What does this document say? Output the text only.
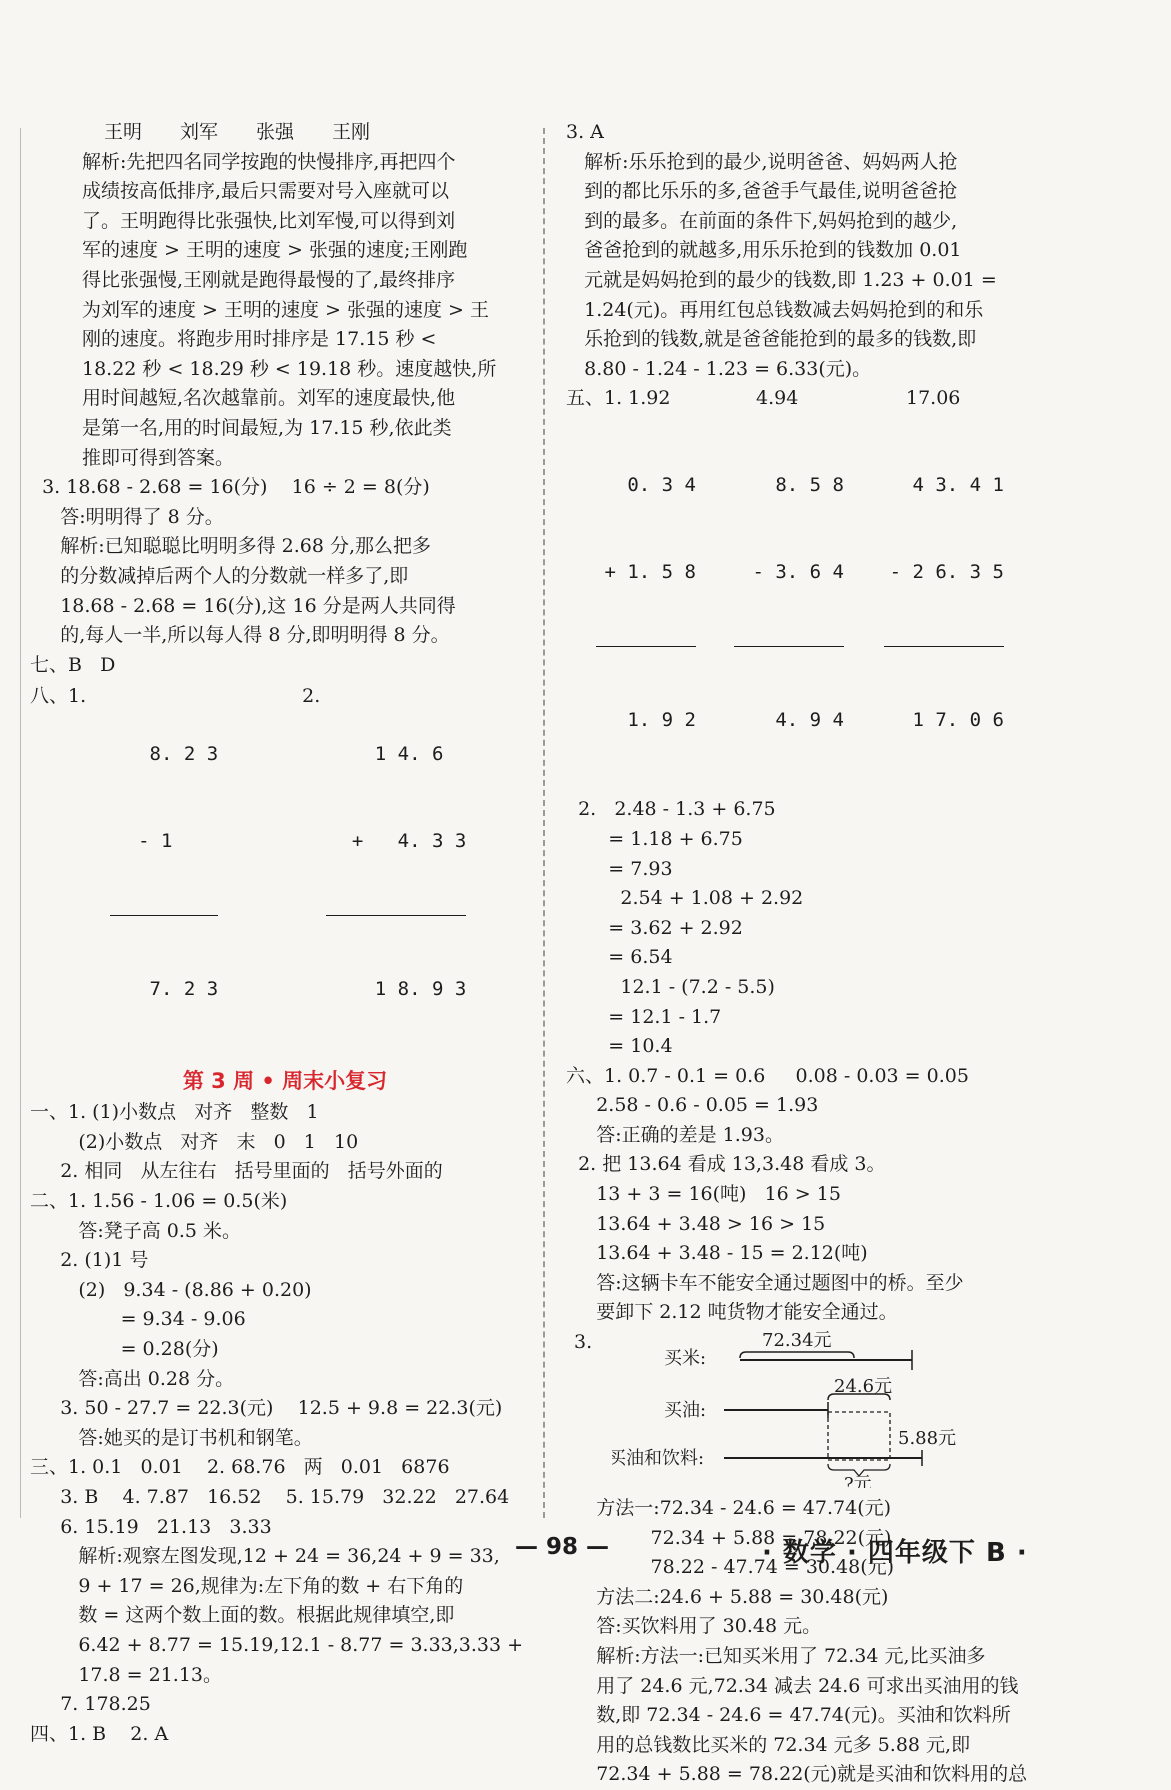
王明 刘军 张强 王刚
解析:先把四名同学按跑的快慢排序,再把四个
成绩按高低排序,最后只需要对号入座就可以
了。王明跑得比张强快,比刘军慢,可以得到刘
军的速度 > 王明的速度 > 张强的速度;王刚跑
得比张强慢,王刚就是跑得最慢的了,最终排序
为刘军的速度 > 王明的速度 > 张强的速度 > 王
刚的速度。将跑步用时排序是 17.15 秒 <
18.22 秒 < 18.29 秒 < 19.18 秒。速度越快,所
用时间越短,名次越靠前。刘军的速度最快,他
是第一名,用的时间最短,为 17.15 秒,依此类
推即可得到答案。
3. 18.68 - 2.68 = 16(分)    16 ÷ 2 = 8(分)
答:明明得了 8 分。
解析:已知聪聪比明明多得 2.68 分,那么把多
的分数减掉后两个人的分数就一样多了,即
18.68 - 2.68 = 16(分),这 16 分是两人共同得
的,每人一半,所以每人得 8 分,即明明得 8 分。
七、B   D
八、1.

8. 2 3

- 1

7. 2 3

2.

1 4. 6

+   4. 3 3

1 8. 9 3

第 3 周 • 周末小复习
一、1. (1)小数点   对齐   整数   1
(2)小数点   对齐   末   0   1   10
2. 相同   从左往右   括号里面的   括号外面的
二、1. 1.56 - 1.06 = 0.5(米)
答:凳子高 0.5 米。
2. (1)1 号
(2)   9.34 - (8.86 + 0.20)
= 9.34 - 9.06
= 0.28(分)
答:高出 0.28 分。
3. 50 - 27.7 = 22.3(元)    12.5 + 9.8 = 22.3(元)
答:她买的是订书机和钢笔。
三、1. 0.1   0.01    2. 68.76   两   0.01   6876
3. B    4. 7.87   16.52    5. 15.79   32.22   27.64
6. 15.19   21.13   3.33
解析:观察左图发现,12 + 24 = 36,24 + 9 = 33,
9 + 17 = 26,规律为:左下角的数 + 右下角的
数 = 这两个数上面的数。根据此规律填空,即
6.42 + 8.77 = 15.19,12.1 - 8.77 = 3.33,3.33 +
17.8 = 21.13。
7. 178.25
四、1. B    2. A
3. A
解析:乐乐抢到的最少,说明爸爸、妈妈两人抢
到的都比乐乐的多,爸爸手气最佳,说明爸爸抢
到的最多。在前面的条件下,妈妈抢到的越少,
爸爸抢到的就越多,用乐乐抢到的钱数加 0.01
元就是妈妈抢到的最少的钱数,即 1.23 + 0.01 =
1.24(元)。再用红包总钱数减去妈妈抢到的和乐
乐抢到的钱数,就是爸爸能抢到的最多的钱数,即
8.80 - 1.24 - 1.23 = 6.33(元)。
五、1. 1.92	4.94	17.06

0. 3 4

+ 1. 5 8

1. 9 2

8. 5 8

- 3. 6 4

4. 9 4

4 3. 4 1

- 2 6. 3 5

1 7. 0 6

2.   2.48 - 1.3 + 6.75
= 1.18 + 6.75
= 7.93
2.54 + 1.08 + 2.92
= 3.62 + 2.92
= 6.54
12.1 - (7.2 - 5.5)
= 12.1 - 1.7
= 10.4
六、1. 0.7 - 0.1 = 0.6     0.08 - 0.03 = 0.05
2.58 - 0.6 - 0.05 = 1.93
答:正确的差是 1.93。
2. 把 13.64 看成 13,3.48 看成 3。
13 + 3 = 16(吨)   16 > 15
13.64 + 3.48 > 16 > 15
13.64 + 3.48 - 15 = 2.12(吨)
答:这辆卡车不能安全通过题图中的桥。至少
要卸下 2.12 吨货物才能安全通过。
3.	72.34元
买米:
24.6元
买油:
5.88元
买油和饮料:
?元
方法一:72.34 - 24.6 = 47.74(元)
72.34 + 5.88 = 78.22(元)
78.22 - 47.74 = 30.48(元)
方法二:24.6 + 5.88 = 30.48(元)
答:买饮料用了 30.48 元。
解析:方法一:已知买米用了 72.34 元,比买油多
用了 24.6 元,72.34 减去 24.6 可求出买油用的钱
数,即 72.34 - 24.6 = 47.74(元)。买油和饮料所
用的总钱数比买米的 72.34 元多 5.88 元,即
72.34 + 5.88 = 78.22(元)就是买油和饮料用的总
— 98 —	· 数学 · 四年级下 B ·
